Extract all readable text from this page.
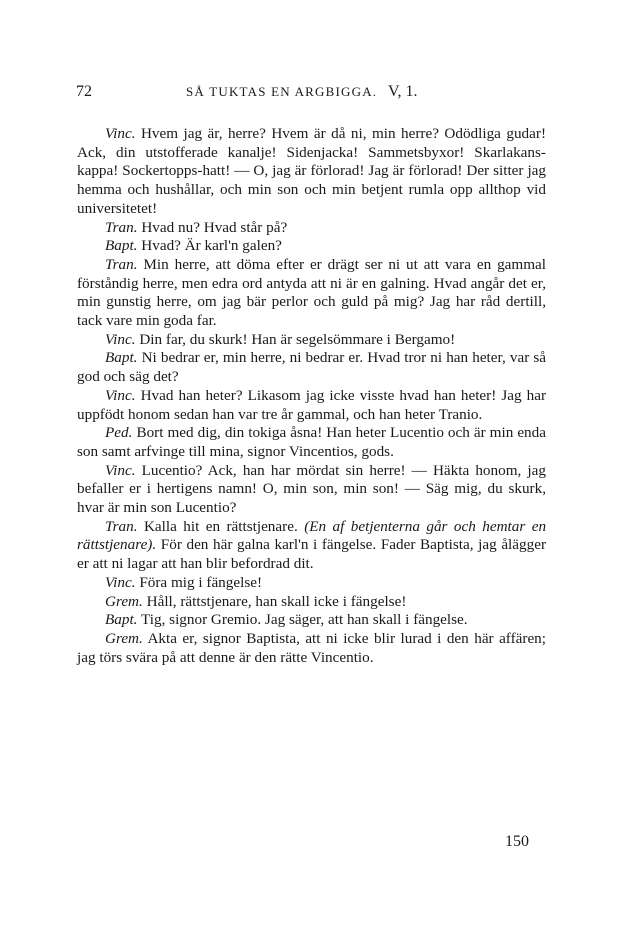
72	SÅ TUKTAS EN ARGBIGGA. V, 1.

Vinc. Hvem jag är, herre? Hvem är då ni, min herre? Odödliga gudar! Ack, din utstofferade kanalje! Sidenjacka! Sammetsbyxor! Skarlakans-kappa! Sockertopps-hatt! — O, jag är förlorad! Jag är förlorad! Der sitter jag hemma och hushållar, och min son och min betjent rumla opp allthop vid universitetet!

Tran. Hvad nu? Hvad står på?

Bapt. Hvad? Är karl'n galen?

Tran. Min herre, att döma efter er drägt ser ni ut att vara en gammal förståndig herre, men edra ord antyda att ni är en galning. Hvad angår det er, min gunstig herre, om jag bär perlor och guld på mig? Jag har råd dertill, tack vare min goda far.

Vinc. Din far, du skurk! Han är segelsömmare i Bergamo!

Bapt. Ni bedrar er, min herre, ni bedrar er. Hvad tror ni han heter, var så god och säg det?

Vinc. Hvad han heter? Likasom jag icke visste hvad han heter! Jag har uppfödt honom sedan han var tre år gammal, och han heter Tranio.

Ped. Bort med dig, din tokiga åsna! Han heter Lucentio och är min enda son samt arfvinge till mina, signor Vincentios, gods.

Vinc. Lucentio? Ack, han har mördat sin herre! — Häkta honom, jag befaller er i hertigens namn! O, min son, min son! — Säg mig, du skurk, hvar är min son Lucentio?

Tran. Kalla hit en rättstjenare. (En af betjenterna går och hemtar en rättstjenare). För den här galna karl'n i fängelse. Fader Baptista, jag ålägger er att ni lagar att han blir befordrad dit.

Vinc. Föra mig i fängelse!

Grem. Håll, rättstjenare, han skall icke i fängelse!

Bapt. Tig, signor Gremio. Jag säger, att han skall i fängelse.

Grem. Akta er, signor Baptista, att ni icke blir lurad i den här affären; jag törs svära på att denne är den rätte Vincentio.

150
